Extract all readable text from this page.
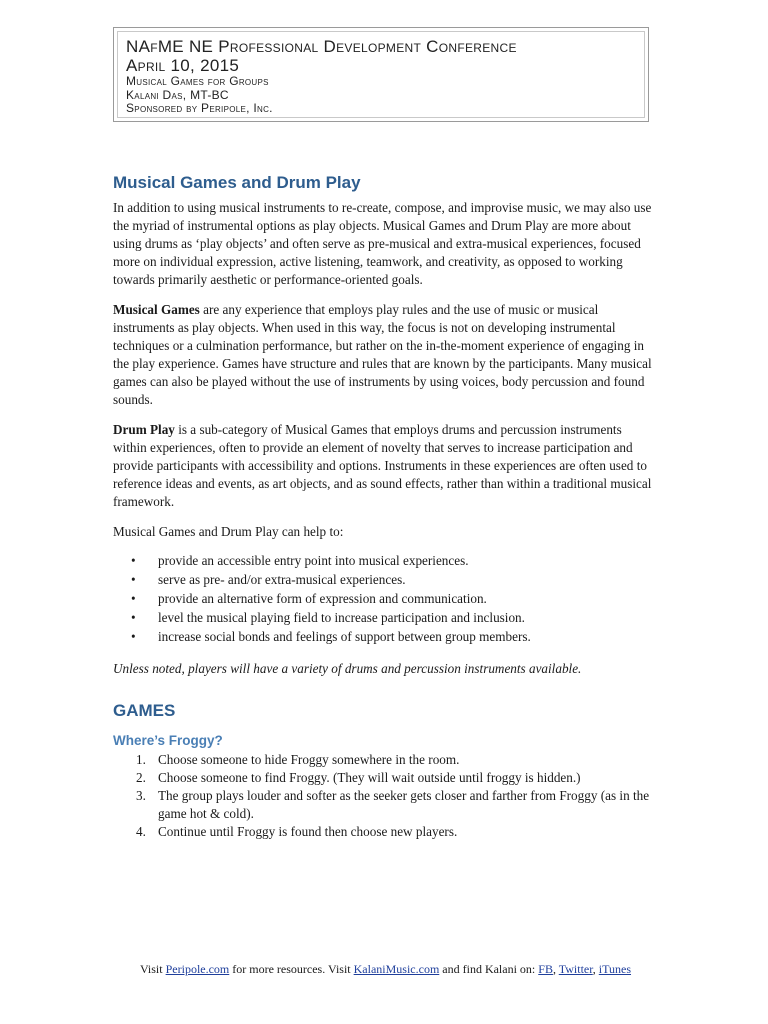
NAfME NE Professional Development Conference
April 10, 2015
Musical Games for Groups
Kalani Das, MT-BC
Sponsored by Peripole, Inc.
Musical Games and Drum Play

In addition to using musical instruments to re-create, compose, and improvise music, we may also use the myriad of instrumental options as play objects. Musical Games and Drum Play are more about using drums as ‘play objects’ and often serve as pre-musical and extra-musical experiences, focused more on individual expression, active listening, teamwork, and creativity, as opposed to working towards primarily aesthetic or performance-oriented goals.

Musical Games are any experience that employs play rules and the use of music or musical instruments as play objects. When used in this way, the focus is not on developing instrumental techniques or a culmination performance, but rather on the in-the-moment experience of engaging in the play experience. Games have structure and rules that are known by the participants. Many musical games can also be played without the use of instruments by using voices, body percussion and found sounds.

Drum Play is a sub-category of Musical Games that employs drums and percussion instruments within experiences, often to provide an element of novelty that serves to increase participation and provide participants with accessibility and options. Instruments in these experiences are often used to reference ideas and events, as art objects, and as sound effects, rather than within a traditional musical framework.

Musical Games and Drum Play can help to:

• provide an accessible entry point into musical experiences.
• serve as pre- and/or extra-musical experiences.
• provide an alternative form of expression and communication.
• level the musical playing field to increase participation and inclusion.
• increase social bonds and feelings of support between group members.

Unless noted, players will have a variety of drums and percussion instruments available.

GAMES
Where’s Froggy?
1. Choose someone to hide Froggy somewhere in the room.
2. Choose someone to find Froggy. (They will wait outside until froggy is hidden.)
3. The group plays louder and softer as the seeker gets closer and farther from Froggy (as in the game hot & cold).
4. Continue until Froggy is found then choose new players.
Visit Peripole.com for more resources. Visit KalaniMusic.com and find Kalani on: FB, Twitter, iTunes
